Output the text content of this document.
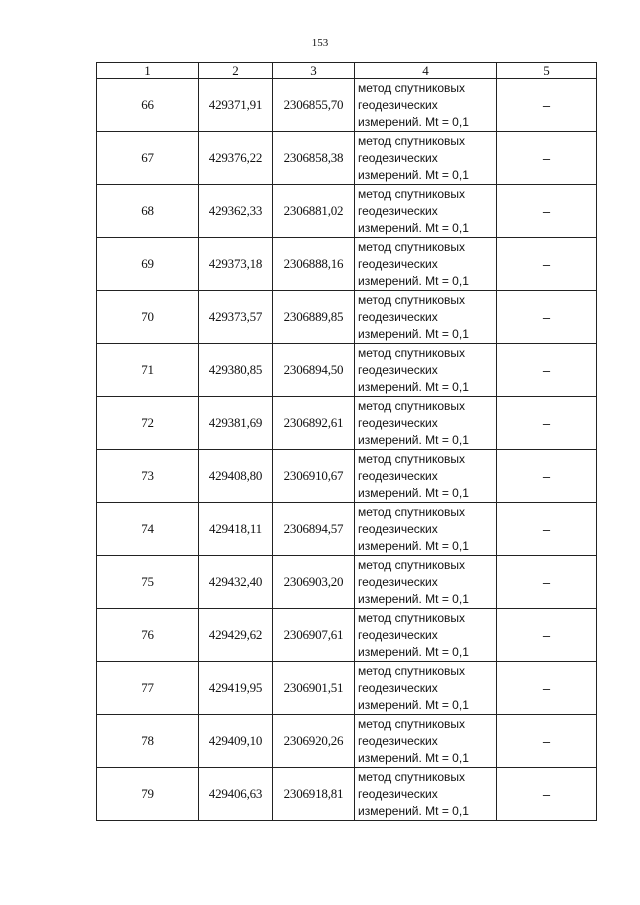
153
1	2	3	4	5
66	429371,91	2306855,70	метод спутниковых
геодезических
измерений. Mt = 0,1	–
67	429376,22	2306858,38	метод спутниковых
геодезических
измерений. Mt = 0,1	–
68	429362,33	2306881,02	метод спутниковых
геодезических
измерений. Mt = 0,1	–
69	429373,18	2306888,16	метод спутниковых
геодезических
измерений. Mt = 0,1	–
70	429373,57	2306889,85	метод спутниковых
геодезических
измерений. Mt = 0,1	–
71	429380,85	2306894,50	метод спутниковых
геодезических
измерений. Mt = 0,1	–
72	429381,69	2306892,61	метод спутниковых
геодезических
измерений. Mt = 0,1	–
73	429408,80	2306910,67	метод спутниковых
геодезических
измерений. Mt = 0,1	–
74	429418,11	2306894,57	метод спутниковых
геодезических
измерений. Mt = 0,1	–
75	429432,40	2306903,20	метод спутниковых
геодезических
измерений. Mt = 0,1	–
76	429429,62	2306907,61	метод спутниковых
геодезических
измерений. Mt = 0,1	–
77	429419,95	2306901,51	метод спутниковых
геодезических
измерений. Mt = 0,1	–
78	429409,10	2306920,26	метод спутниковых
геодезических
измерений. Mt = 0,1	–
79	429406,63	2306918,81	метод спутниковых
геодезических
измерений. Mt = 0,1	–
